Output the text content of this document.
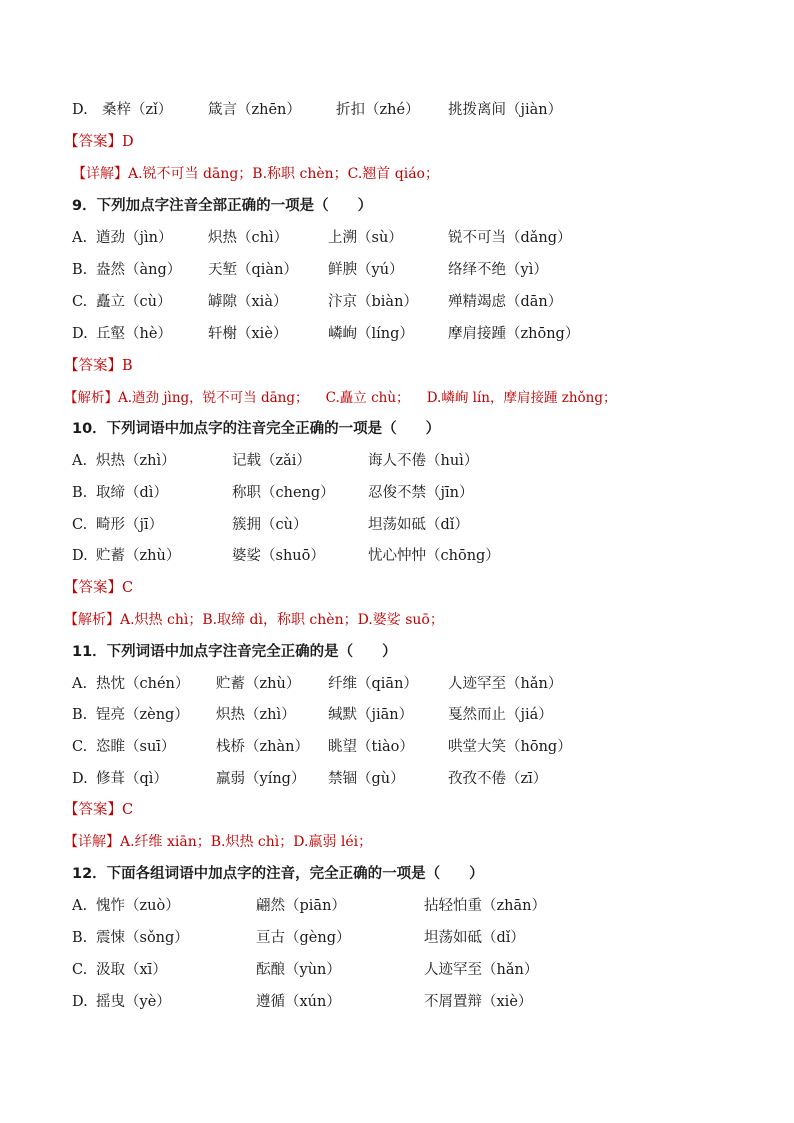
D. 桑梓（zǐ） 箴言（zhēn） 折扣（zhé） 挑拨离间（jiàn）
【答案】D
【详解】A.锐不可当 dāng；B.称职 chèn；C.翘首 qiáo；
9．下列加点字注音全部正确的一项是（　　）
A. 遒劲（jìn） 炽热（chì）	上溯（sù）	锐不可当（dǎng）
B. 盎然（àng） 天堑（qiàn） 鲜腴（yú）	络绎不绝（yì）
C. 矗立（cù）	罅隙（xià）	汴京（biàn） 殚精竭虑（dān）
D. 丘壑（hè） 轩榭（xiè）	嶙峋（líng） 摩肩接踵（zhōng）
【答案】B
【解析】A.遒劲 jìng，锐不可当 dāng；    C.矗立 chù；    D.嶙峋 lín，摩肩接踵 zhǒng；
10．下列词语中加点字的注音完全正确的一项是（　　）
A. 炽热（zhì）	记载（zǎi）	诲人不倦（huì）
B. 取缔（dì）	称职（cheng） 忍俊不禁（jīn）
C. 畸形（jī）	簇拥（cù）	坦荡如砥（dǐ）
D. 贮蓄（zhù）	婆娑（shuō）	忧心忡忡（chōng）
【答案】C
【解析】A.炽热 chì；B.取缔 dì，称职 chèn；D.婆娑 suō；
11．下列词语中加点字注音完全正确的是（　　）
A. 热忱（chén） 贮蓄（zhù） 纤维（qiān） 人迹罕至（hǎn）
B. 锃亮（zèng） 炽热（zhì） 缄默（jiān） 戛然而止（jiá）
C. 恣睢（suī）	栈桥（zhàn） 眺望（tiào） 哄堂大笑（hōng）
D. 修葺（qì）	羸弱（yíng） 禁锢（gù）	孜孜不倦（zī）
【答案】C
【详解】A.纤维 xiān；B.炽热 chì；D.羸弱 léi；
12．下面各组词语中加点字的注音，完全正确的一项是（　　）
A. 愧怍（zuò）	翩然（piān）	拈轻怕重（zhān）
B. 震悚（sǒng）	亘古（gèng）	坦荡如砥（dǐ）
C. 汲取（xī）	酝酿（yùn）	人迹罕至（hǎn）
D. 摇曳（yè）	遵循（xún）	不屑置辩（xiè）
